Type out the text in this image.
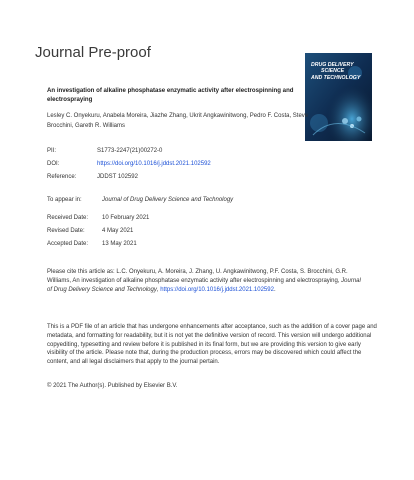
Journal Pre-proof
DRUG DELIVERY
SCIENCE
AND TECHNOLOGY
An investigation of alkaline phosphatase enzymatic activity after electrospinning and electrospraying
Lesley C. Onyekuru, Anabela Moreira, Jiazhe Zhang, Ukrit Angkawinitwong, Pedro F. Costa, Steve Brocchini, Gareth R. Williams
PII:	S1773-2247(21)00272-0
DOI:	https://doi.org/10.1016/j.jddst.2021.102592
Reference:	JDDST 102592
To appear in:	Journal of Drug Delivery Science and Technology
Received Date: 10 February 2021
Revised Date:	4 May 2021
Accepted Date: 13 May 2021
Please cite this article as: L.C. Onyekuru, A. Moreira, J. Zhang, U. Angkawinitwong, P.F. Costa, S. Brocchini, G.R. Williams, An investigation of alkaline phosphatase enzymatic activity after electrospinning and electrospraying, Journal of Drug Delivery Science and Technology, https://doi.org/10.1016/j.jddst.2021.102592.
This is a PDF file of an article that has undergone enhancements after acceptance, such as the addition of a cover page and metadata, and formatting for readability, but it is not yet the definitive version of record. This version will undergo additional copyediting, typesetting and review before it is published in its final form, but we are providing this version to give early visibility of the article. Please note that, during the production process, errors may be discovered which could affect the content, and all legal disclaimers that apply to the journal pertain.
© 2021 The Author(s). Published by Elsevier B.V.
